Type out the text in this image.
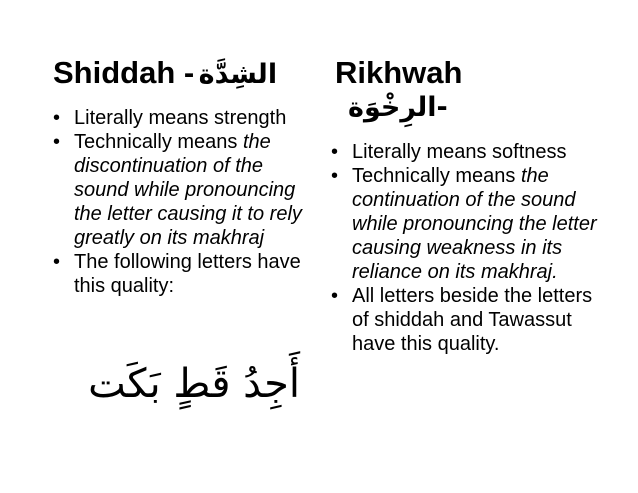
Shiddah - الشِدَّة
• Literally means strength
• Technically means the discontinuation of the sound while pronouncing the letter causing it to rely greatly on its makhraj
• The following letters have this quality:
أَجِدُ قَطٍ بَكَت
Rikhwah
الرِخْوَة-
• Literally means softness
• Technically means the continuation of the sound while pronouncing the letter causing weakness in its reliance on its makhraj.
• All letters beside the letters of shiddah and Tawassut have this quality.
